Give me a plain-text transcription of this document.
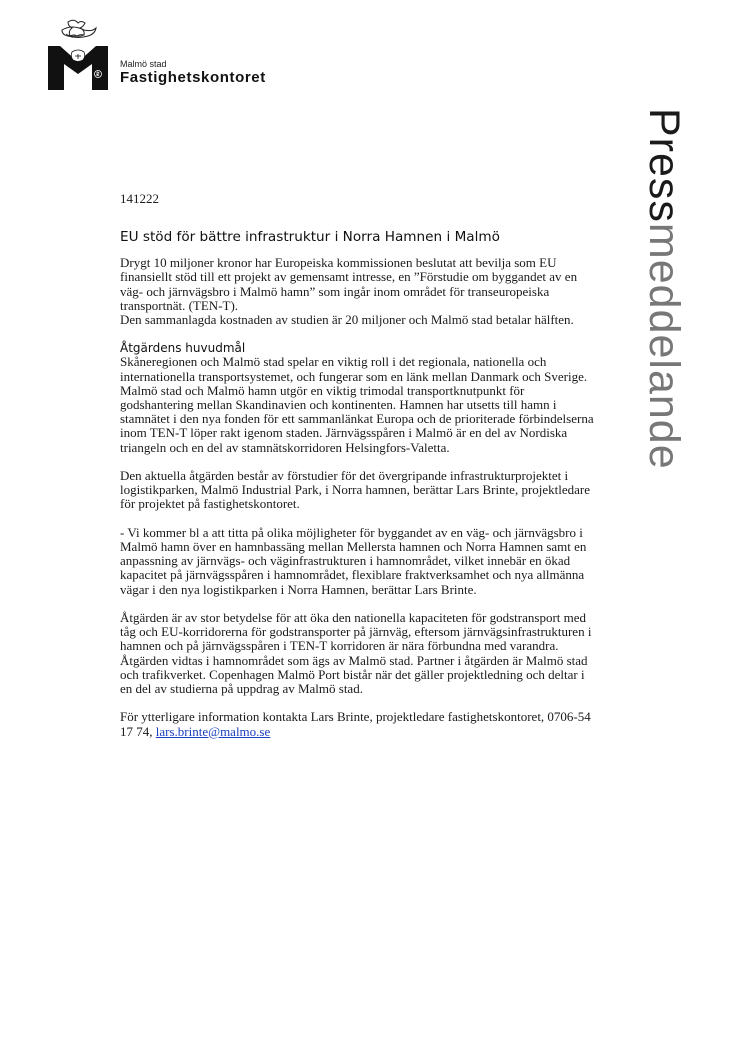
Malmö stad
Fastighetskontoret
Pressmeddelande
141222
EU stöd för bättre infrastruktur i Norra Hamnen i Malmö

Drygt 10 miljoner kronor har Europeiska kommissionen beslutat att bevilja som EU finansiellt stöd till ett projekt av gemensamt intresse, en ”Förstudie om byggandet av en väg- och järnvägsbro i Malmö hamn” som ingår inom området för transeuropeiska transportnät. (TEN-T).

Den sammanlagda kostnaden av studien är 20 miljoner och Malmö stad betalar hälften.

Åtgärdens huvudmål

Skåneregionen och Malmö stad spelar en viktig roll i det regionala, nationella och internationella transportsystemet, och fungerar som en länk mellan Danmark och Sverige. Malmö stad och Malmö hamn utgör en viktig trimodal transportknutpunkt för godshantering mellan Skandinavien och kontinenten. Hamnen har utsetts till hamn i stamnätet i den nya fonden för ett sammanlänkat Europa och de prioriterade förbindelserna inom TEN-T löper rakt igenom staden. Järnvägsspåren i Malmö är en del av Nordiska triangeln och en del av stamnätskorridoren Helsingfors-Valetta.

Den aktuella åtgärden består av förstudier för det övergripande infrastrukturprojektet i logistikparken, Malmö Industrial Park, i Norra hamnen, berättar Lars Brinte, projektledare för projektet på fastighetskontoret.

- Vi kommer bl a att titta på olika möjligheter för byggandet av en väg- och järnvägsbro i Malmö hamn över en hamnbassäng mellan Mellersta hamnen och Norra Hamnen samt en anpassning av järnvägs- och väginfrastrukturen i hamnområdet, vilket innebär en ökad kapacitet på järnvägsspåren i hamnområdet, flexiblare fraktverksamhet och nya allmänna vägar i den nya logistikparken i Norra Hamnen, berättar Lars Brinte.

Åtgärden är av stor betydelse för att öka den nationella kapaciteten för godstransport med tåg och EU-korridorerna för godstransporter på järnväg, eftersom järnvägsinfrastrukturen i hamnen och på järnvägsspåren i TEN-T korridoren är nära förbundna med varandra.

Åtgärden vidtas i hamnområdet som ägs av Malmö stad. Partner i åtgärden är Malmö stad och trafikverket. Copenhagen Malmö Port bistår när det gäller projektledning och deltar i en del av studierna på uppdrag av Malmö stad.

För ytterligare information kontakta Lars Brinte, projektledare fastighetskontoret, 0706-54 17 74, lars.brinte@malmo.se
